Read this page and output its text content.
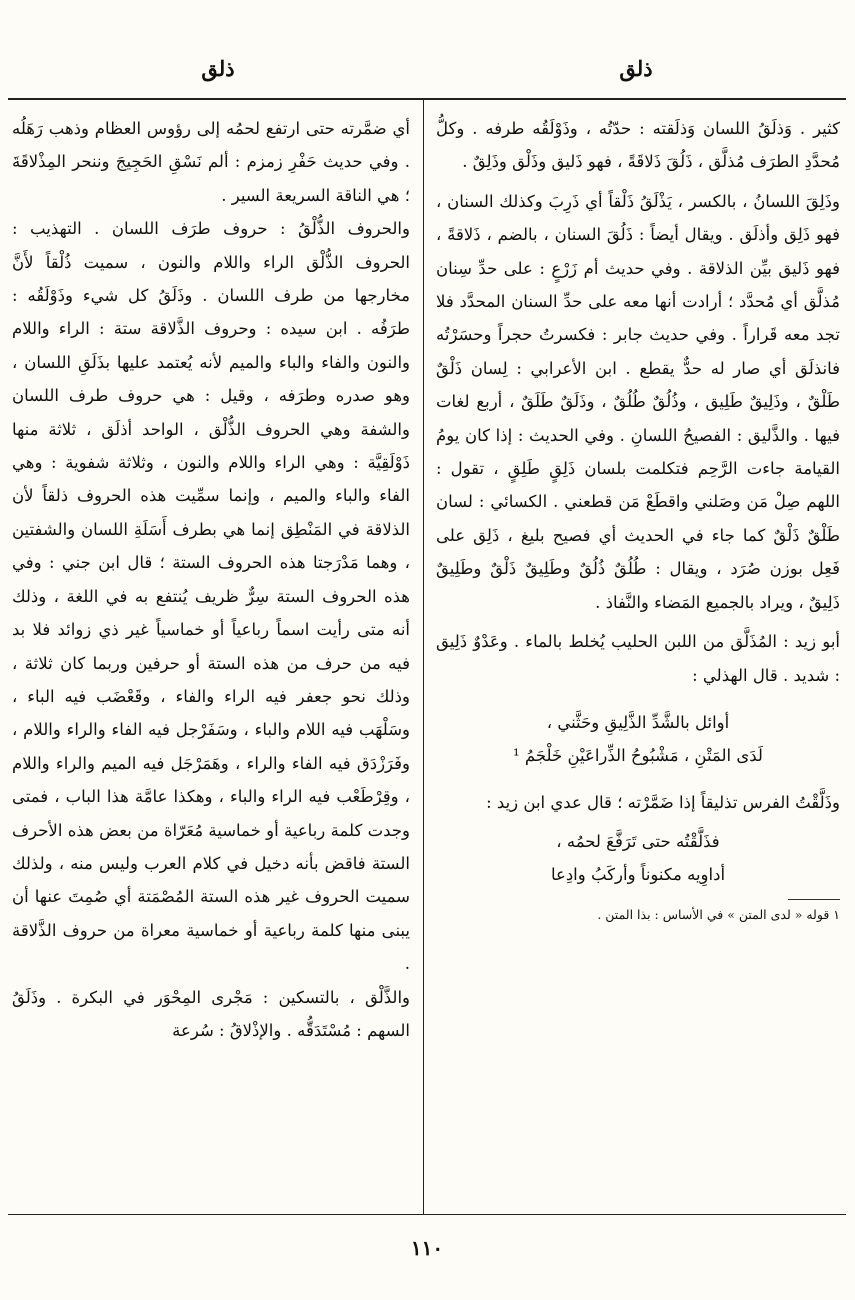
ذلق
ذلق

كثير . وَذلَقُ اللسان وَذلَقته : حدّتُه ، وذَوْلَقُه طرفه . وكلُّ مُحدَّدِ الطرَف مُذلَّق ، ذَلُقَ ذَلاقَةً ، فهو ذَليق وذَلْق وذَلِقٌ .

وذَلِقَ اللسانُ ، بالكسر ، يَذْلَقُ ذَلْقاً أي ذَرِبَ وكذلك السنان ، فهو ذَلِق وأذلَق . ويقال أيضاً : ذَلُقَ السنان ، بالضم ، ذَلاقةً ، فهو ذَليق بيِّن الذلاقة . وفي حديث أم زَرْعٍ : على حدِّ سِنان مُذلَّق أي مُحدَّد ؛ أرادت أنها معه على حدِّ السنان المحدَّد فلا تجد معه قَراراً . وفي حديث جابر : فكسرتُ حجراً وحسَرْتُه فانذلَق أي صار له حدٌّ يقطع . ابن الأعرابي : لِسان ذَلْقٌ طَلْقٌ ، وذَلِيقٌ طَلِيق ، وذُلُقٌ طُلُقٌ ، وذَلَقٌ طَلَقٌ ، أربع لغات فيها . والذَّليق : الفصيحُ اللسانِ . وفي الحديث : إذا كان يومُ القيامة جاءت الرَّحِم فتكلمت بلسان ذَلِقٍ طَلِقٍ ، تقول : اللهم صِلْ مَن وصَلني واقطَعْ مَن قطعني . الكسائي : لسان طَلْقٌ ذَلْقٌ كما جاء في الحديث أي فصيح بليغ ، ذَلِق على فَعِل بوزن صُرَد ، ويقال : طُلُقٌ ذُلُقٌ وطَلِيقٌ ذَلْقٌ وطَلِيقٌ ذَلِيقٌ ، ويراد بالجميع المَضاء والنَّفاذ .

أبو زيد : المُذَلَّق من اللبن الحليب يُخلط بالماء . وعَدْوٌ ذَلِيق : شديد . قال الهذلي :

أوائل بالشَّدِّ الذَّلِيقِ وحَثَّني ،

لَدَى المَتْنِ ، مَشْبُوحُ الذِّراعَيْنِ خَلْجَمُ ¹

وذَلَّقْتُ الفرس تذليقاً إذا ضَمَّرْته ؛ قال عدي ابن زيد :

فذَلَّقْتُه حتى تَرَفَّعَ لحمُه ،

أداوِيه مكنوناً وأركَبُ وادِعا

١ قوله « لدى المتن » في الأساس : بذا المتن .

أي ضمَّرته حتى ارتفع لحمُه إلى رؤوس العظام وذهب رَهَلُه . وفي حديث حَفْرِ زمزم : ألم نَسْقِ الحَجِيجَ وننحر المِذْلاقَةَ ؛ هي الناقة السريعة السير .

والحروف الذُّلْقُ : حروف طرَف اللسان . التهذيب : الحروف الذُّلْق الراء واللام والنون ، سميت ذُلْقاً لأَنَّ مخارجها من طرف اللسان . وذَلَقُ كل شيء وذَوْلَقُه : طرَفُه . ابن سيده : وحروف الذَّلاقة ستة : الراء واللام والنون والفاء والباء والميم لأنه يُعتمد عليها بذَلَقِ اللسان ، وهو صدره وطرَفه ، وقيل : هي حروف طرف اللسان والشفة وهي الحروف الذُّلْق ، الواحد أذلَق ، ثلاثة منها ذَوْلَقِيَّة : وهي الراء واللام والنون ، وثلاثة شفوية : وهي الفاء والباء والميم ، وإنما سمِّيت هذه الحروف ذلقاً لأن الذلاقة في المَنْطِق إنما هي بطرف أَسَلَةِ اللسان والشفتين ، وهما مَدْرَجتا هذه الحروف الستة ؛ قال ابن جني : وفي هذه الحروف الستة سِرٌّ ظريف يُنتفع به في اللغة ، وذلك أنه متى رأيت اسماً رباعياً أو خماسياً غير ذي زوائد فلا بد فيه من حرف من هذه الستة أو حرفين وربما كان ثلاثة ، وذلك نحو جعفر فيه الراء والفاء ، وقَعْضَب فيه الباء ، وسَلْهَب فيه اللام والباء ، وسَفَرْجل فيه الفاء والراء واللام ، وفَرَزْدَق فيه الفاء والراء ، وهَمَرْجَل فيه الميم والراء واللام ، وقِرْطَعْب فيه الراء والباء ، وهكذا عامَّة هذا الباب ، فمتى وجدت كلمة رباعية أو خماسية مُعَرّاة من بعض هذه الأحرف الستة فاقض بأنه دخيل في كلام العرب وليس منه ، ولذلك سميت الحروف غير هذه الستة المُصْمَتة أي صُمِتَ عنها أن يبنى منها كلمة رباعية أو خماسية معراة من حروف الذَّلاقة .

والذَّلْق ، بالتسكين : مَجْرى المِحْوَر في البكرة . وذَلَقُ السهم : مُسْتَدَقُّه . والإذْلاقُ : سُرعة

١١٠
